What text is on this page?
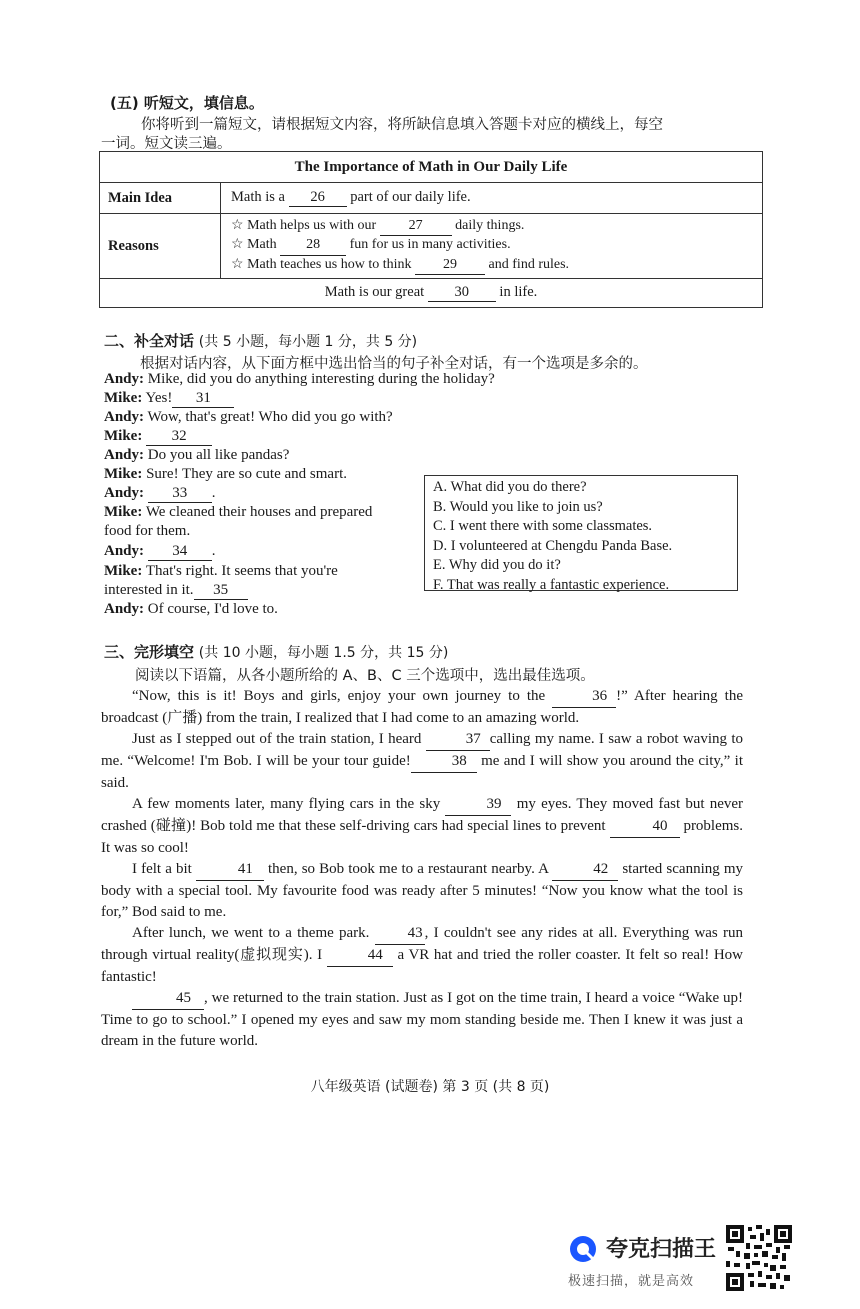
(五) 听短文，填信息。
你将听到一篇短文，请根据短文内容，将所缺信息填入答题卡对应的横线上，每空
一词。短文读三遍。
The Importance of Math in Our Daily Life	
Main Idea	Math is a 26 part of our daily life.
Reasons	☆ Math helps us with our 27 daily things.
☆ Math 28 fun for us in many activities.
☆ Math teaches us how to think 29 and find rules.

Math is our great 30 in life.	
二、补全对话 (共 5 小题，每小题 1 分，共 5 分)
根据对话内容，从下面方框中选出恰当的句子补全对话，有一个选项是多余的。
Andy: Mike, did you do anything interesting during the holiday?
Mike: Yes! 31
Andy: Wow, that's great! Who did you go with?
Mike: 32
Andy: Do you all like pandas?
Mike: Sure! They are so cute and smart.
Andy: 33 .
Mike: We cleaned their houses and prepared
food for them.
Andy: 34 .
Mike: That's right. It seems that you're
interested in it. 35
Andy: Of course, I'd love to.
A. What did you do there?
B. Would you like to join us?
C. I went there with some classmates.
D. I volunteered at Chengdu Panda Base.
E. Why did you do it?
F. That was really a fantastic experience.
三、完形填空 (共 10 小题，每小题 1.5 分，共 15 分)
阅读以下语篇，从各小题所给的 A、B、C 三个选项中，选出最佳选项。

“Now, this is it! Boys and girls, enjoy your own journey to the	36 !” After hearing the broadcast (广播) from the train, I realized that I had come to an amazing world.

Just as I stepped out of the train station, I heard	37 calling my name. I saw a robot waving to me. “Welcome! I'm Bob. I will be your tour guide!	38 me and I will show you around the city,” it said.

A few moments later, many flying cars in the sky	39 my eyes. They moved fast but never crashed (碰撞)! Bob told me that these self-driving cars had special lines to prevent	40 problems. It was so cool!

I felt a bit	41 then, so Bob took me to a restaurant nearby. A	42 started scanning my body with a special tool. My favourite food was ready after 5 minutes! “Now you know what the tool is for,” Bod said to me.

After lunch, we went to a theme park.	43 , I couldn't see any rides at all. Everything was run through virtual reality(虚拟现实). I	44 a VR hat and tried the roller coaster. It felt so real! How fantastic!

45 , we returned to the train station. Just as I got on the time train, I heard a voice “Wake up! Time to go to school.” I opened my eyes and saw my mom standing beside me. Then I knew it was just a dream in the future world.

八年级英语 (试题卷) 第 3 页 (共 8 页)
夸克扫描王
极速扫描，就是高效
